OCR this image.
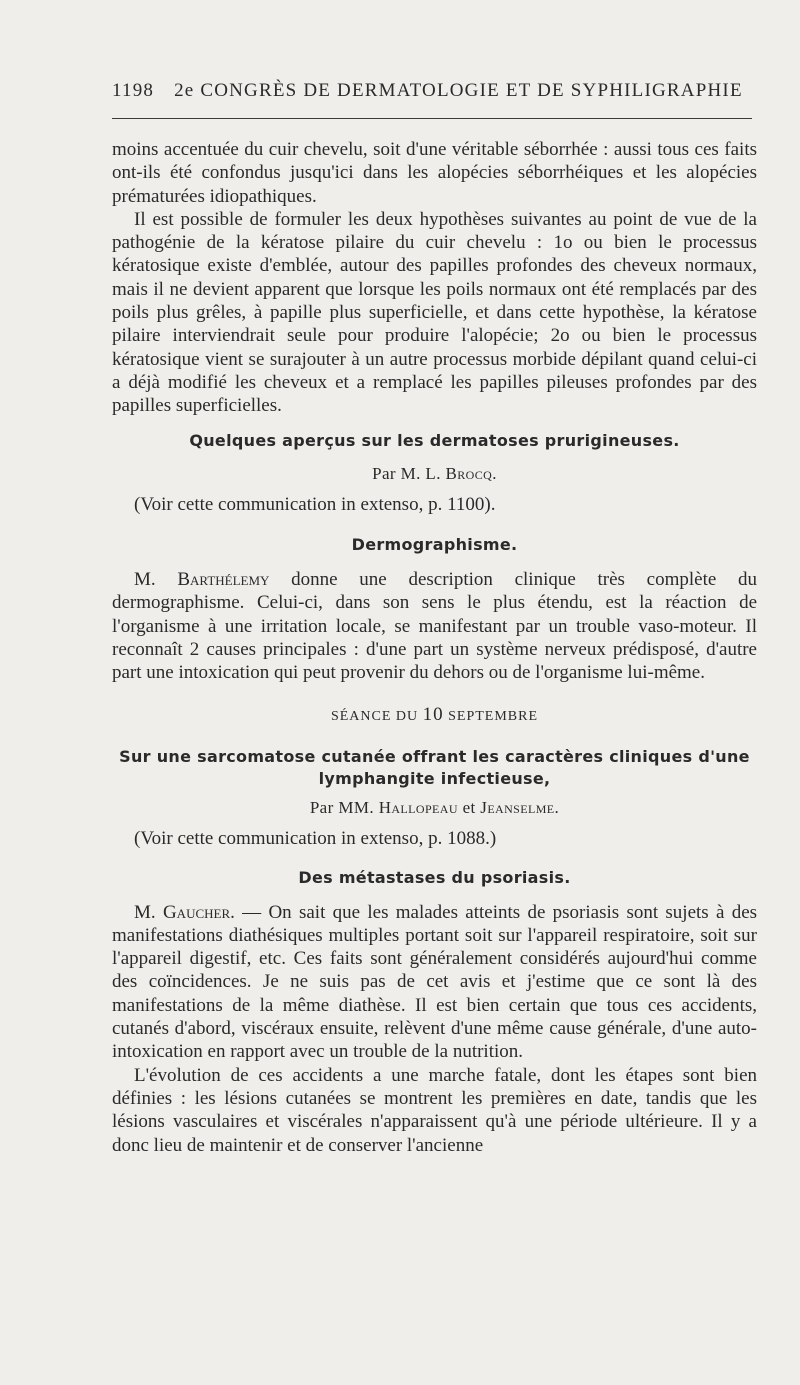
1198 2e CONGRÈS DE DERMATOLOGIE ET DE SYPHILIGRAPHIE

moins accentuée du cuir chevelu, soit d'une véritable séborrhée : aussi tous ces faits ont-ils été confondus jusqu'ici dans les alopécies séborrhéiques et les alopécies prématurées idiopathiques.

Il est possible de formuler les deux hypothèses suivantes au point de vue de la pathogénie de la kératose pilaire du cuir chevelu : 1o ou bien le processus kératosique existe d'emblée, autour des papilles profondes des cheveux normaux, mais il ne devient apparent que lorsque les poils normaux ont été remplacés par des poils plus grêles, à papille plus superficielle, et dans cette hypothèse, la kératose pilaire interviendrait seule pour produire l'alopécie; 2o ou bien le processus kératosique vient se surajouter à un autre processus morbide dépilant quand celui-ci a déjà modifié les cheveux et a remplacé les papilles pileuses profondes par des papilles superficielles.

Quelques aperçus sur les dermatoses prurigineuses.
Par M. L. Brocq.

(Voir cette communication in extenso, p. 1100).

Dermographisme.

M. Barthélemy donne une description clinique très complète du dermographisme. Celui-ci, dans son sens le plus étendu, est la réaction de l'organisme à une irritation locale, se manifestant par un trouble vaso-moteur. Il reconnaît 2 causes principales : d'une part un système nerveux prédisposé, d'autre part une intoxication qui peut provenir du dehors ou de l'organisme lui-même.

SÉANCE DU 10 SEPTEMBRE
Sur une sarcomatose cutanée offrant les caractères cliniques d'une lymphangite infectieuse,
Par MM. Hallopeau et Jeanselme.

(Voir cette communication in extenso, p. 1088.)

Des métastases du psoriasis.

M. Gaucher. — On sait que les malades atteints de psoriasis sont sujets à des manifestations diathésiques multiples portant soit sur l'appareil respiratoire, soit sur l'appareil digestif, etc. Ces faits sont généralement considérés aujourd'hui comme des coïncidences. Je ne suis pas de cet avis et j'estime que ce sont là des manifestations de la même diathèse. Il est bien certain que tous ces accidents, cutanés d'abord, viscéraux ensuite, relèvent d'une même cause générale, d'une auto-intoxication en rapport avec un trouble de la nutrition.

L'évolution de ces accidents a une marche fatale, dont les étapes sont bien définies : les lésions cutanées se montrent les premières en date, tandis que les lésions vasculaires et viscérales n'apparaissent qu'à une période ultérieure. Il y a donc lieu de maintenir et de conserver l'ancienne
